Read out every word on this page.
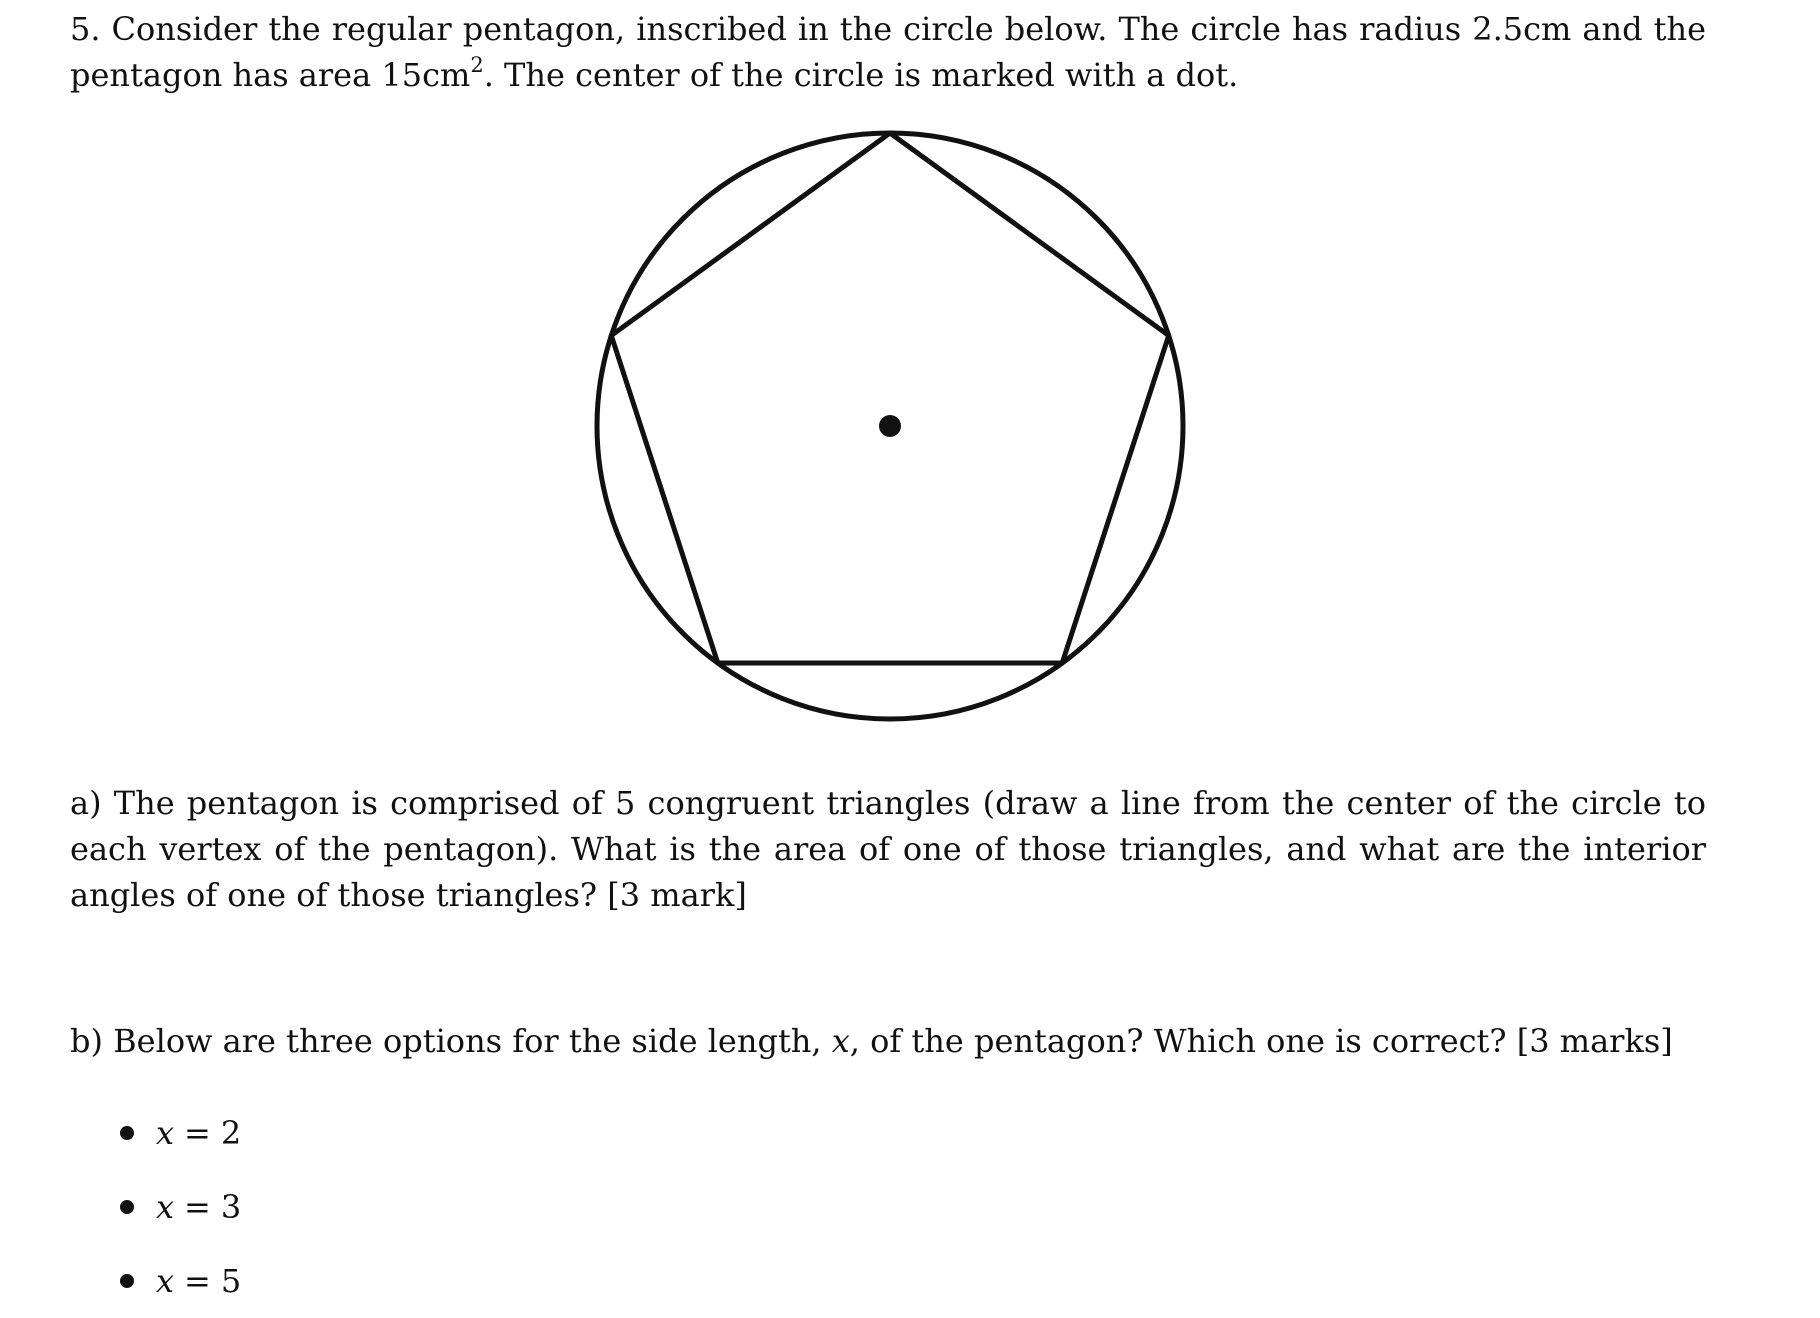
5. Consider the regular pentagon, inscribed in the circle below. The circle has radius 2.5cm and the pentagon has area $15cm^2$. The center of the circle is marked with a dot.

a) The pentagon is comprised of 5 congruent triangles (draw a line from the center of the circle to each vertex of the pentagon). What is the area of one of those triangles, and what are the interior angles of one of those triangles? [3 mark]

b) Below are three options for the side length, x, of the pentagon? Which one is correct? [3 marks]

x = 2
x = 3
x = 5
